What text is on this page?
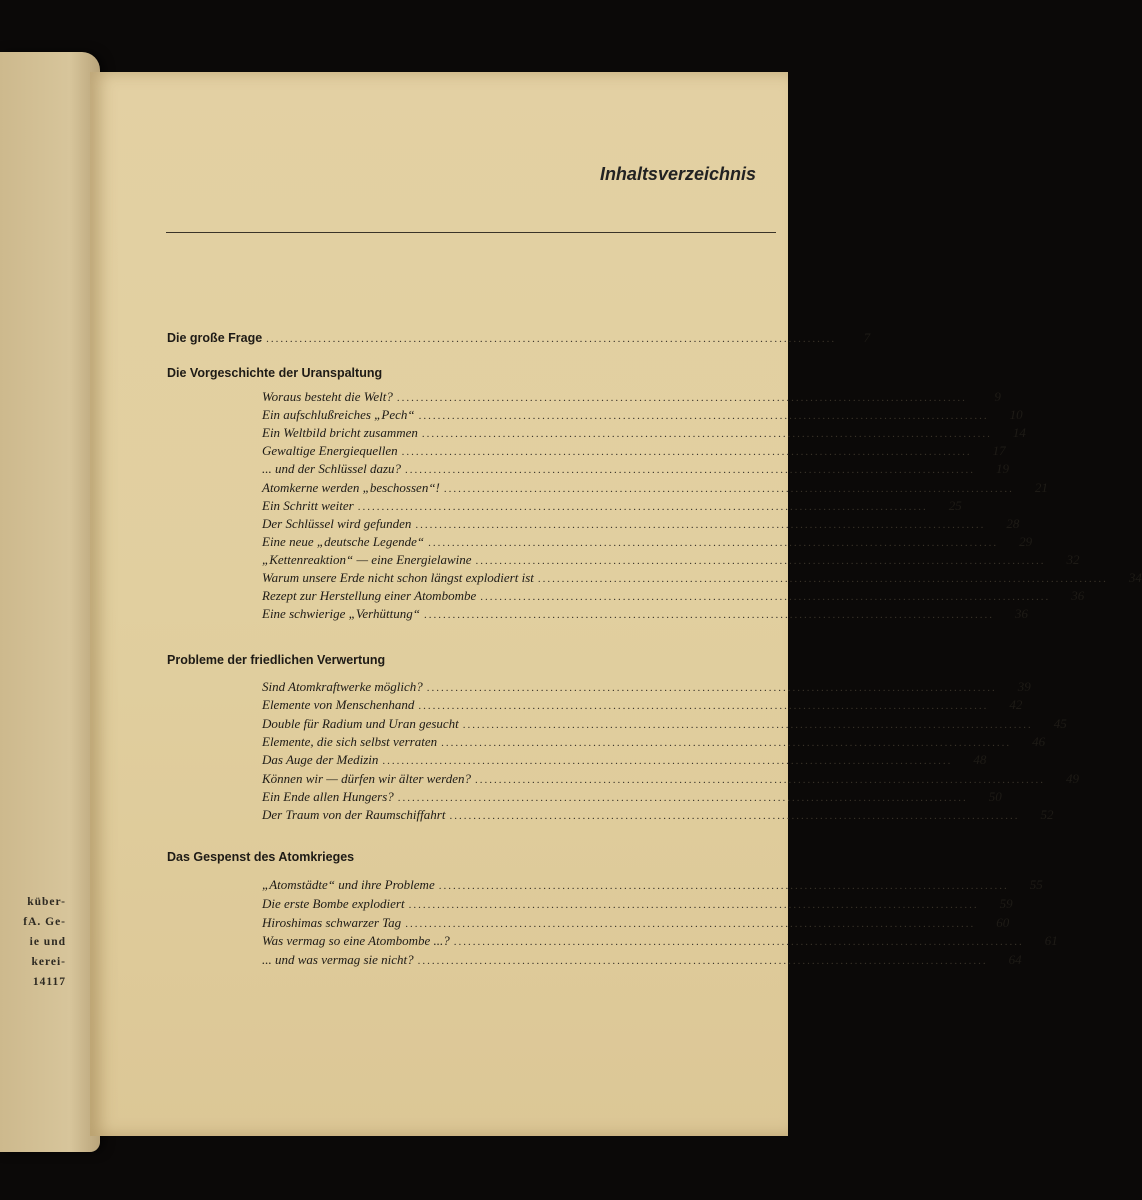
küber-
fA. Ge-
ie und
kerei-
14117
Inhaltsverzeichnis
Die große Frage ........................................................................................................................	7
Die Vorgeschichte der Uranspaltung
Woraus besteht die Welt? ........................................................................................................................	9
Ein aufschlußreiches „Pech“ ........................................................................................................................	10
Ein Weltbild bricht zusammen ........................................................................................................................	14
Gewaltige Energiequellen ........................................................................................................................	17
... und der Schlüssel dazu? ........................................................................................................................	19
Atomkerne werden „beschossen“! ........................................................................................................................	21
Ein Schritt weiter ........................................................................................................................	25
Der Schlüssel wird gefunden ........................................................................................................................	28
Eine neue „deutsche Legende“ ........................................................................................................................	29
„Kettenreaktion“ — eine Energielawine ........................................................................................................................	32
Warum unsere Erde nicht schon längst explodiert ist ........................................................................................................................	34
Rezept zur Herstellung einer Atombombe ........................................................................................................................	36
Eine schwierige „Verhüttung“ ........................................................................................................................	36
Probleme der friedlichen Verwertung
Sind Atomkraftwerke möglich? ........................................................................................................................	39
Elemente von Menschenhand ........................................................................................................................	42
Double für Radium und Uran gesucht ........................................................................................................................	45
Elemente, die sich selbst verraten ........................................................................................................................	46
Das Auge der Medizin ........................................................................................................................	48
Können wir — dürfen wir älter werden? ........................................................................................................................	49
Ein Ende allen Hungers? ........................................................................................................................	50
Der Traum von der Raumschiffahrt ........................................................................................................................	52
Das Gespenst des Atomkrieges
„Atomstädte“ und ihre Probleme ........................................................................................................................	55
Die erste Bombe explodiert ........................................................................................................................	59
Hiroshimas schwarzer Tag ........................................................................................................................	60
Was vermag so eine Atombombe ...? ........................................................................................................................	61
... und was vermag sie nicht? ........................................................................................................................	64
